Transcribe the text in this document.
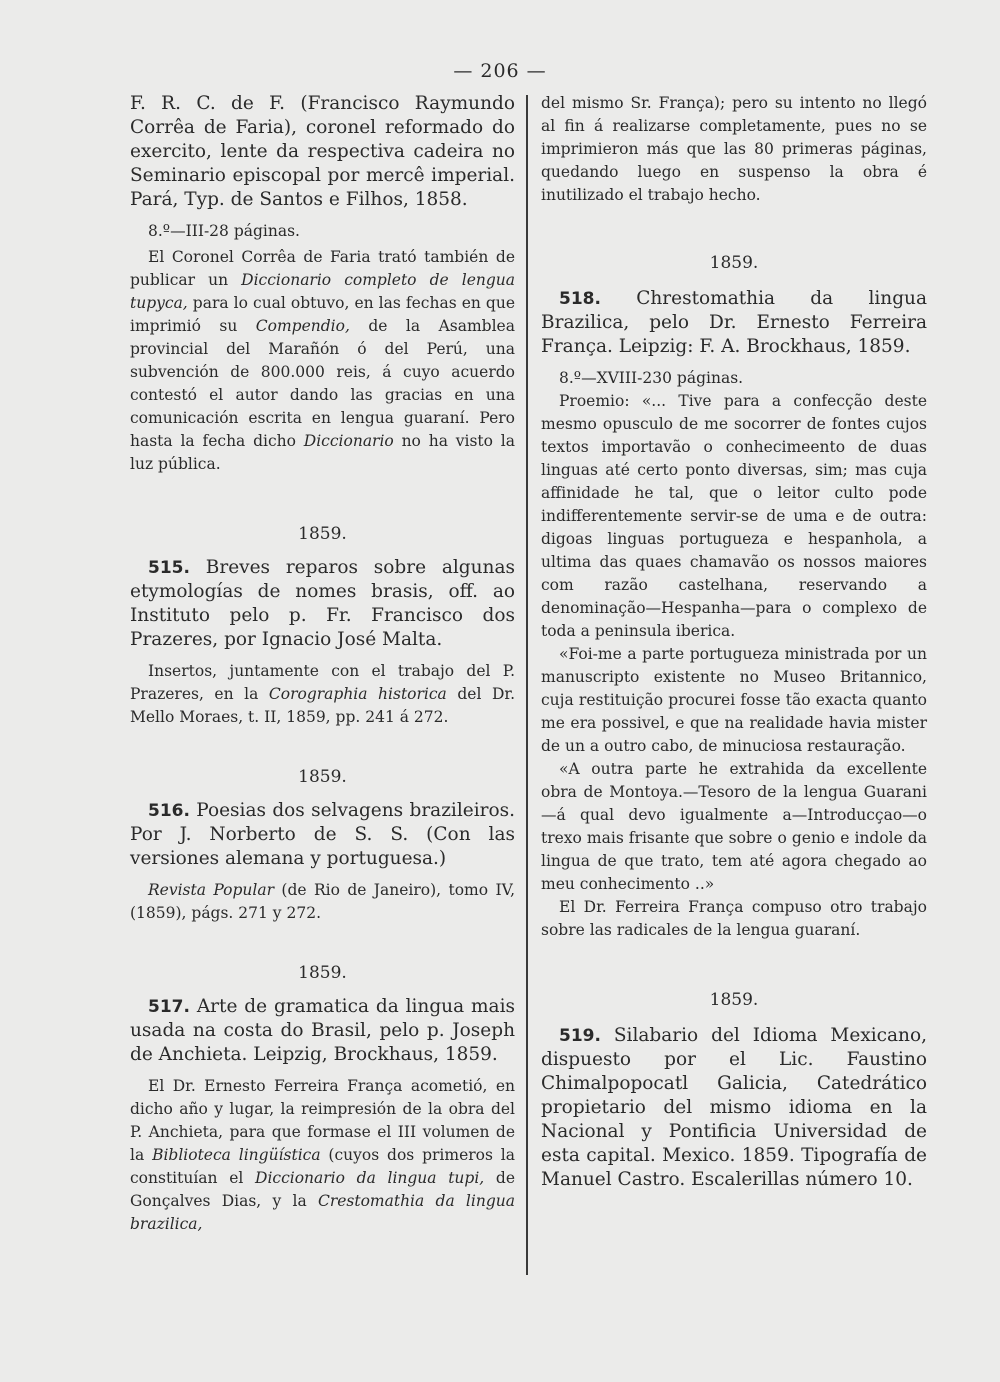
— 206 —

F. R. C. de F. (Francisco Raymundo Corrêa de Faria), coronel reformado do exercito, lente da respectiva cadeira no Seminario episcopal por mercê imperial. Pará, Typ. de Santos e Filhos, 1858.

8.º—III-28 páginas.

El Coronel Corrêa de Faria trató también de publicar un Diccionario completo de lengua tupyca, para lo cual obtuvo, en las fechas en que imprimió su Compendio, de la Asamblea provincial del Marañón ó del Perú, una subvención de 800.000 reis, á cuyo acuerdo contestó el autor dando las gracias en una comunicación escrita en lengua guaraní. Pero hasta la fecha dicho Diccionario no ha visto la luz pública.

1859.

515. Breves reparos sobre algunas etymologías de nomes brasis, off. ao Instituto pelo p. Fr. Francisco dos Prazeres, por Ignacio José Malta.

Insertos, juntamente con el trabajo del P. Prazeres, en la Corographia historica del Dr. Mello Moraes, t. II, 1859, pp. 241 á 272.

1859.

516. Poesias dos selvagens brazileiros. Por J. Norberto de S. S. (Con las versiones alemana y portuguesa.)

Revista Popular (de Rio de Janeiro), tomo IV, (1859), págs. 271 y 272.

1859.

517. Arte de gramatica da lingua mais usada na costa do Brasil, pelo p. Joseph de Anchieta. Leipzig, Brockhaus, 1859.

El Dr. Ernesto Ferreira França acometió, en dicho año y lugar, la reimpresión de la obra del P. Anchieta, para que formase el III volumen de la Biblioteca lingüística (cuyos dos primeros la constituían el Diccionario da lingua tupi, de Gonçalves Dias, y la Crestomathia da lingua brazilica,

del mismo Sr. França); pero su intento no llegó al fin á realizarse completamente, pues no se imprimieron más que las 80 primeras páginas, quedando luego en suspenso la obra é inutilizado el trabajo hecho.

1859.

518. Chrestomathia da lingua Brazilica, pelo Dr. Ernesto Ferreira França. Leipzig: F. A. Brockhaus, 1859.

8.º—XVIII-230 páginas.

Proemio: «... Tive para a confecção deste mesmo opusculo de me socorrer de fontes cujos textos importavão o conhecimeento de duas linguas até certo ponto diversas, sim; mas cuja affinidade he tal, que o leitor culto pode indifferentemente servir-se de uma e de outra: digoas linguas portugueza e hespanhola, a ultima das quaes chamavão os nossos maiores com razão castelhana, reservando a denominação—Hespanha—para o complexo de toda a peninsula iberica.

«Foi-me a parte portugueza ministrada por un manuscripto existente no Museo Britannico, cuja restituição procurei fosse tão exacta quanto me era possivel, e que na realidade havia mister de un a outro cabo, de minuciosa restauração.

«A outra parte he extrahida da excellente obra de Montoya.—Tesoro de la lengua Guarani—á qual devo igualmente a—Introducçao—o trexo mais frisante que sobre o genio e indole da lingua de que trato, tem até agora chegado ao meu conhecimento ..»

El Dr. Ferreira França compuso otro trabajo sobre las radicales de la lengua guaraní.

1859.

519. Silabario del Idioma Mexicano, dispuesto por el Lic. Faustino Chimalpopocatl Galicia, Catedrático propietario del mismo idioma en la Nacional y Pontificia Universidad de esta capital. Mexico. 1859. Tipografía de Manuel Castro. Escalerillas número 10.
